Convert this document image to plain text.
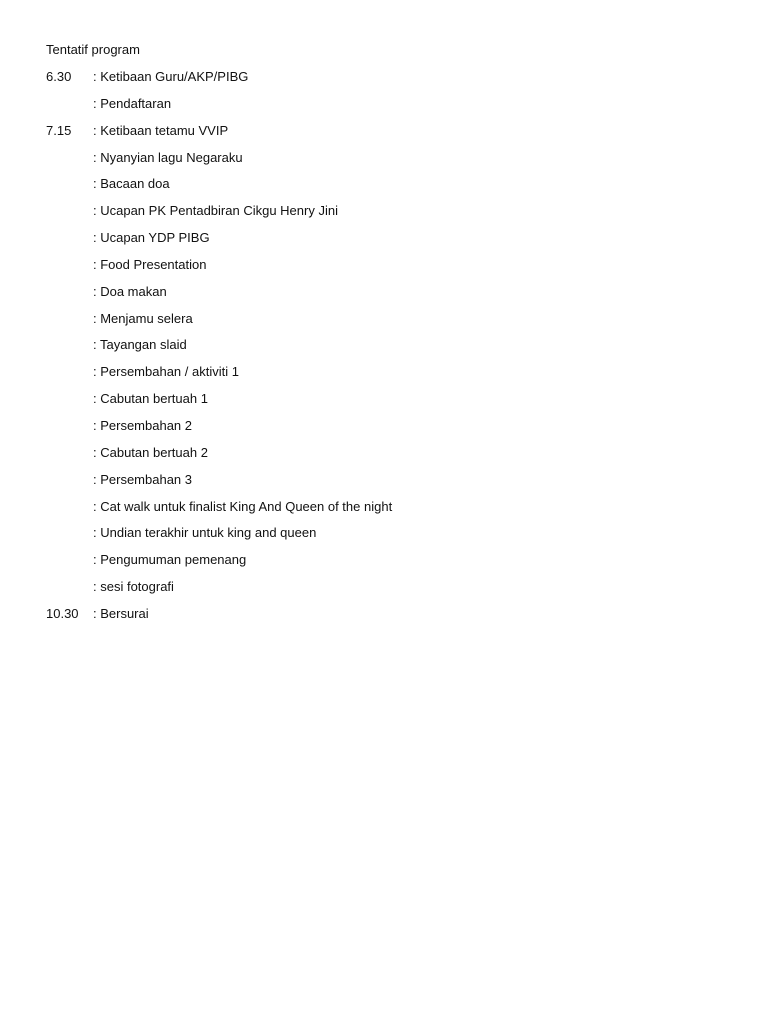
Tentatif program
6.30	: Ketibaan Guru/AKP/PIBG
: Pendaftaran
7.15	: Ketibaan tetamu VVIP
: Nyanyian lagu Negaraku
: Bacaan doa
: Ucapan PK Pentadbiran Cikgu Henry Jini
: Ucapan YDP PIBG
: Food Presentation
: Doa makan
: Menjamu selera
: Tayangan slaid
: Persembahan / aktiviti 1
: Cabutan bertuah 1
: Persembahan 2
: Cabutan bertuah 2
: Persembahan 3
: Cat walk untuk finalist King And Queen of the night
: Undian terakhir untuk king and queen
: Pengumuman pemenang
: sesi fotografi
10.30	: Bersurai
